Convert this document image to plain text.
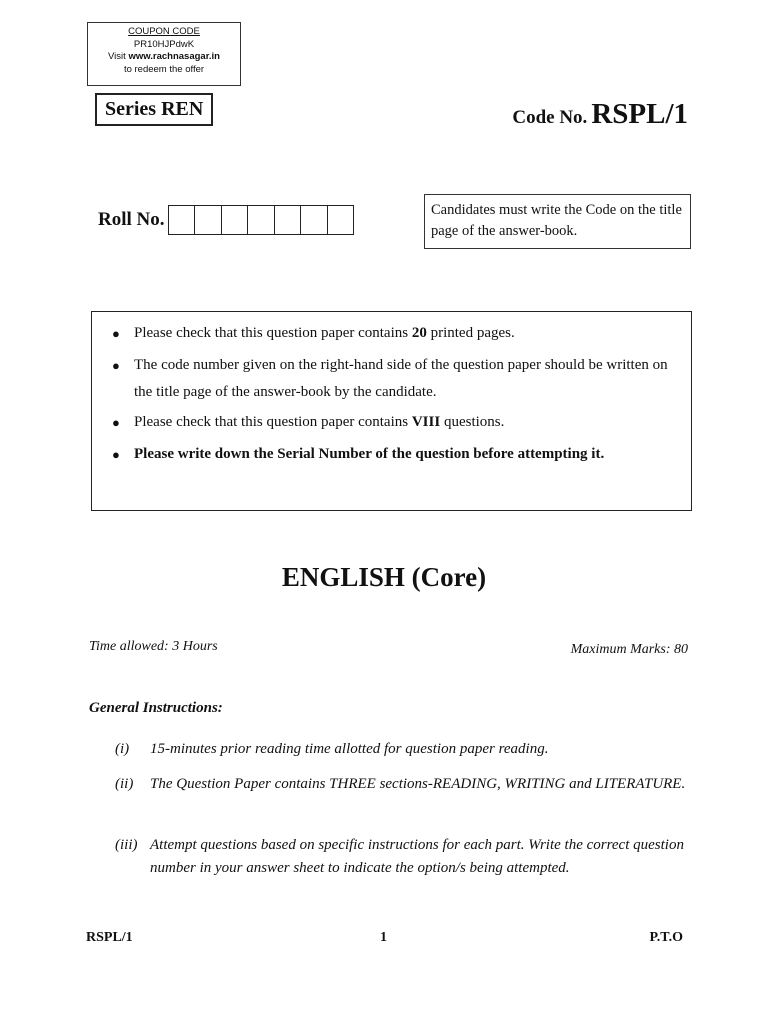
COUPON CODE
PR10HJPdwK
Visit www.rachnasagar.in
to redeem the offer
Series REN	Code No. RSPL/1
Roll No.	Candidates must write the Code on the title page of the answer-book.
● Please check that this question paper contains 20 printed pages.
● The code number given on the right-hand side of the question paper should be written on the title page of the answer-book by the candidate.
● Please check that this question paper contains VIII questions.
● Please write down the Serial Number of the question before attempting it.
ENGLISH (Core)
Time allowed: 3 Hours	Maximum Marks: 80
General Instructions:
(i)	15-minutes prior reading time allotted for question paper reading.
(ii)	The Question Paper contains THREE sections-READING, WRITING and LITERATURE.
(iii) Attempt questions based on specific instructions for each part. Write the correct question number in your answer sheet to indicate the option/s being attempted.
RSPL/1	1	P.T.O
